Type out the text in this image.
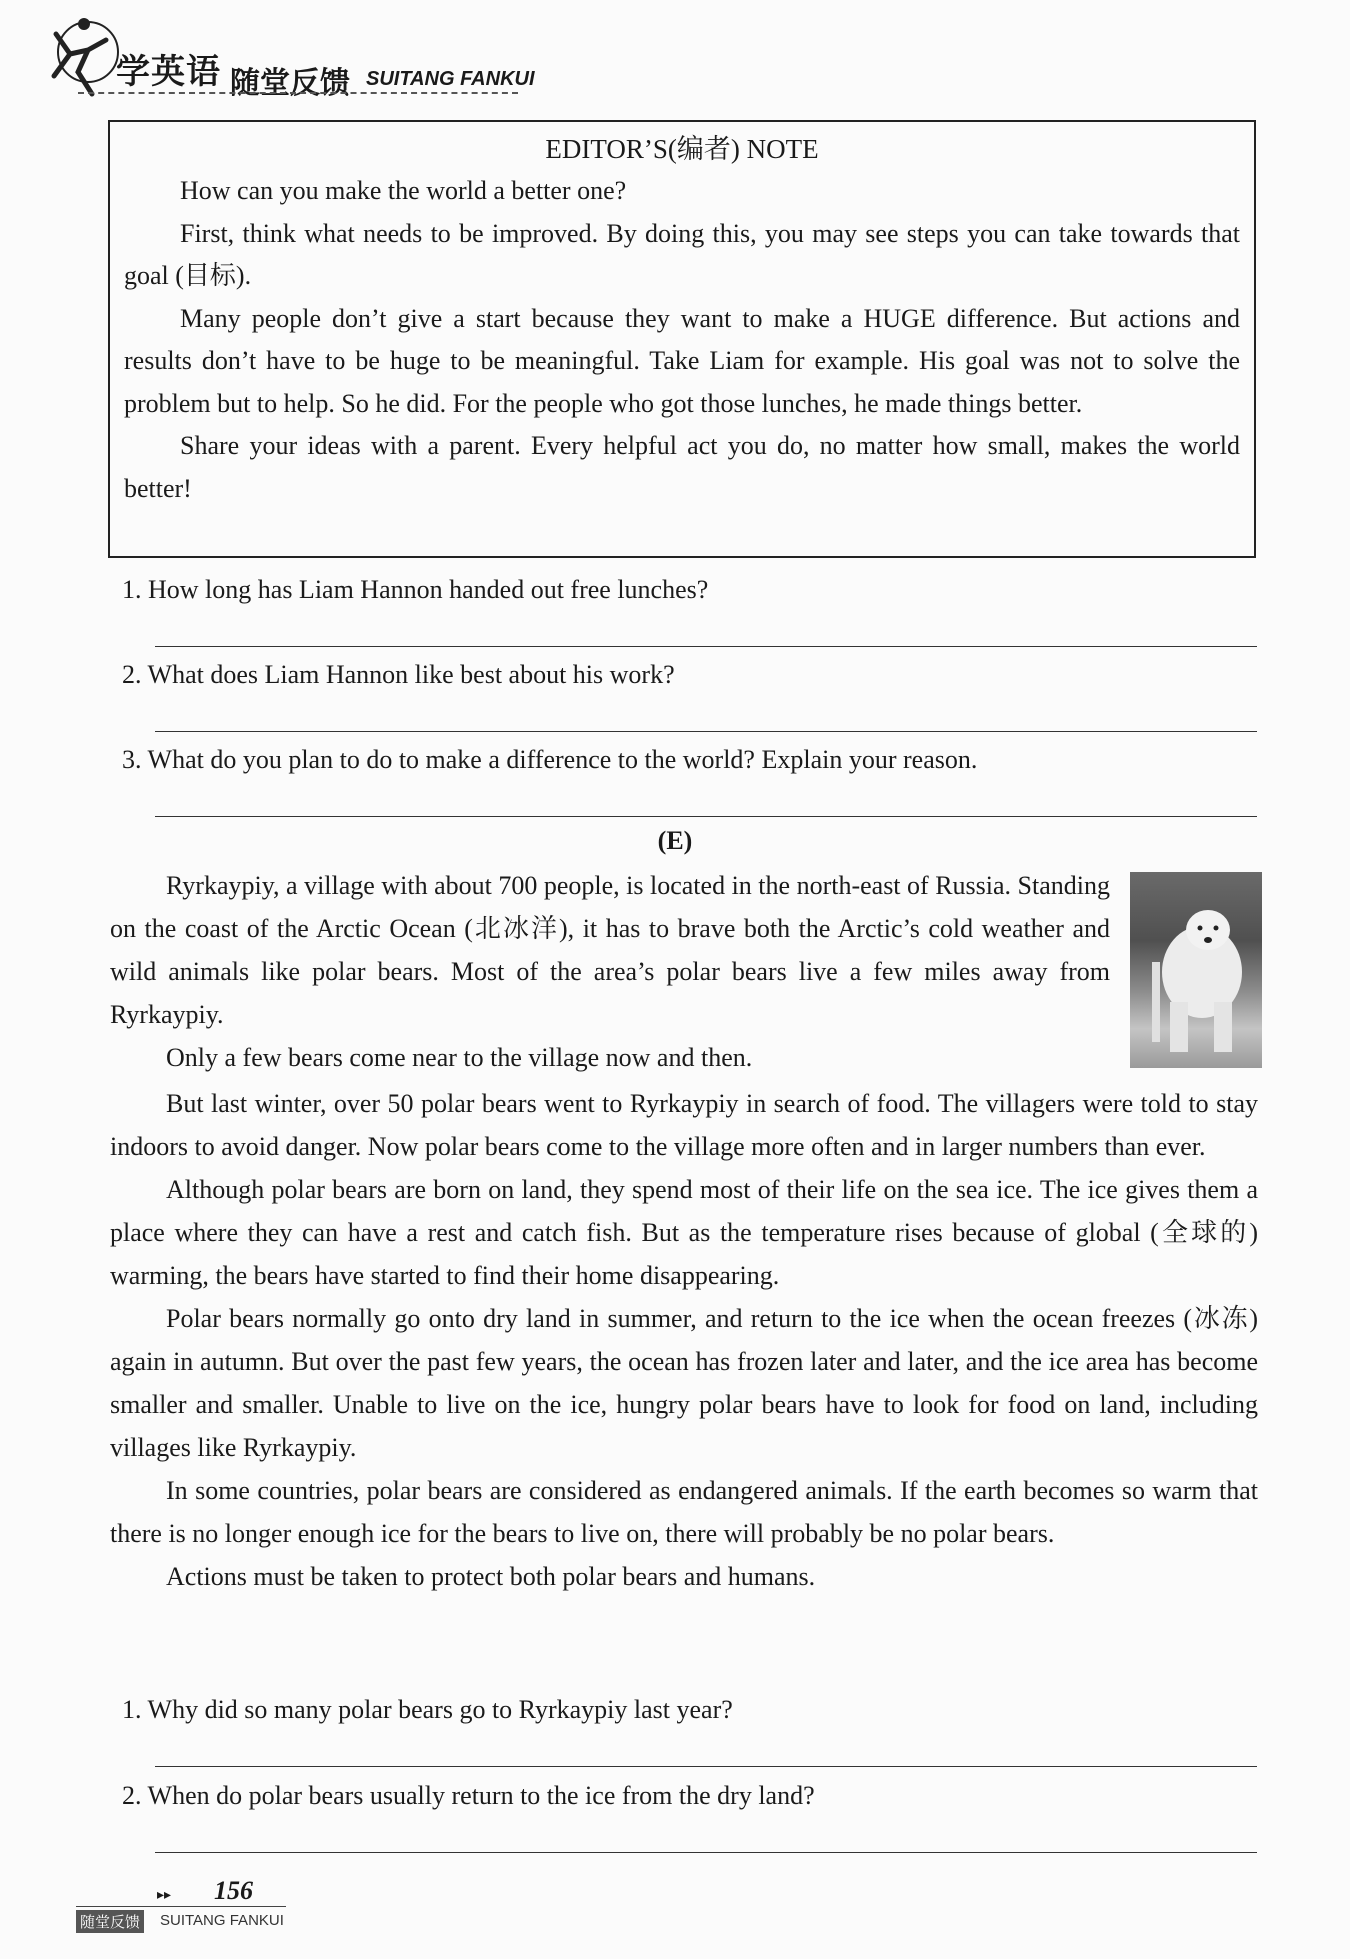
学英语 随堂反馈 SUITANG FANKUI
EDITOR’S(编者) NOTE

How can you make the world a better one?

First, think what needs to be improved. By doing this, you may see steps you can take towards that goal (目标).

Many people don’t give a start because they want to make a HUGE difference. But actions and results don’t have to be huge to be meaningful. Take Liam for example. His goal was not to solve the problem but to help. So he did. For the people who got those lunches, he made things better.

Share your ideas with a parent. Every helpful act you do, no matter how small, makes the world better!

1. How long has Liam Hannon handed out free lunches?
2. What does Liam Hannon like best about his work?
3. What do you plan to do to make a difference to the world? Explain your reason.
(E)

Ryrkaypiy, a village with about 700 people, is located in the north-east of Russia. Standing on the coast of the Arctic Ocean (北冰洋), it has to brave both the Arctic’s cold weather and wild animals like polar bears. Most of the area’s polar bears live a few miles away from Ryrkaypiy.

Only a few bears come near to the village now and then.

But last winter, over 50 polar bears went to Ryrkaypiy in search of food. The villagers were told to stay indoors to avoid danger. Now polar bears come to the village more often and in larger numbers than ever.

Although polar bears are born on land, they spend most of their life on the sea ice. The ice gives them a place where they can have a rest and catch fish. But as the temperature rises because of global (全球的) warming, the bears have started to find their home disappearing.

Polar bears normally go onto dry land in summer, and return to the ice when the ocean freezes (冰冻) again in autumn. But over the past few years, the ocean has frozen later and later, and the ice area has become smaller and smaller. Unable to live on the ice, hungry polar bears have to look for food on land, including villages like Ryrkaypiy.

In some countries, polar bears are considered as endangered animals. If the earth becomes so warm that there is no longer enough ice for the bears to live on, there will probably be no polar bears.

Actions must be taken to protect both polar bears and humans.

1. Why did so many polar bears go to Ryrkaypiy last year?
2. When do polar bears usually return to the ice from the dry land?
▸▸ 156
随堂反馈 SUITANG FANKUI
